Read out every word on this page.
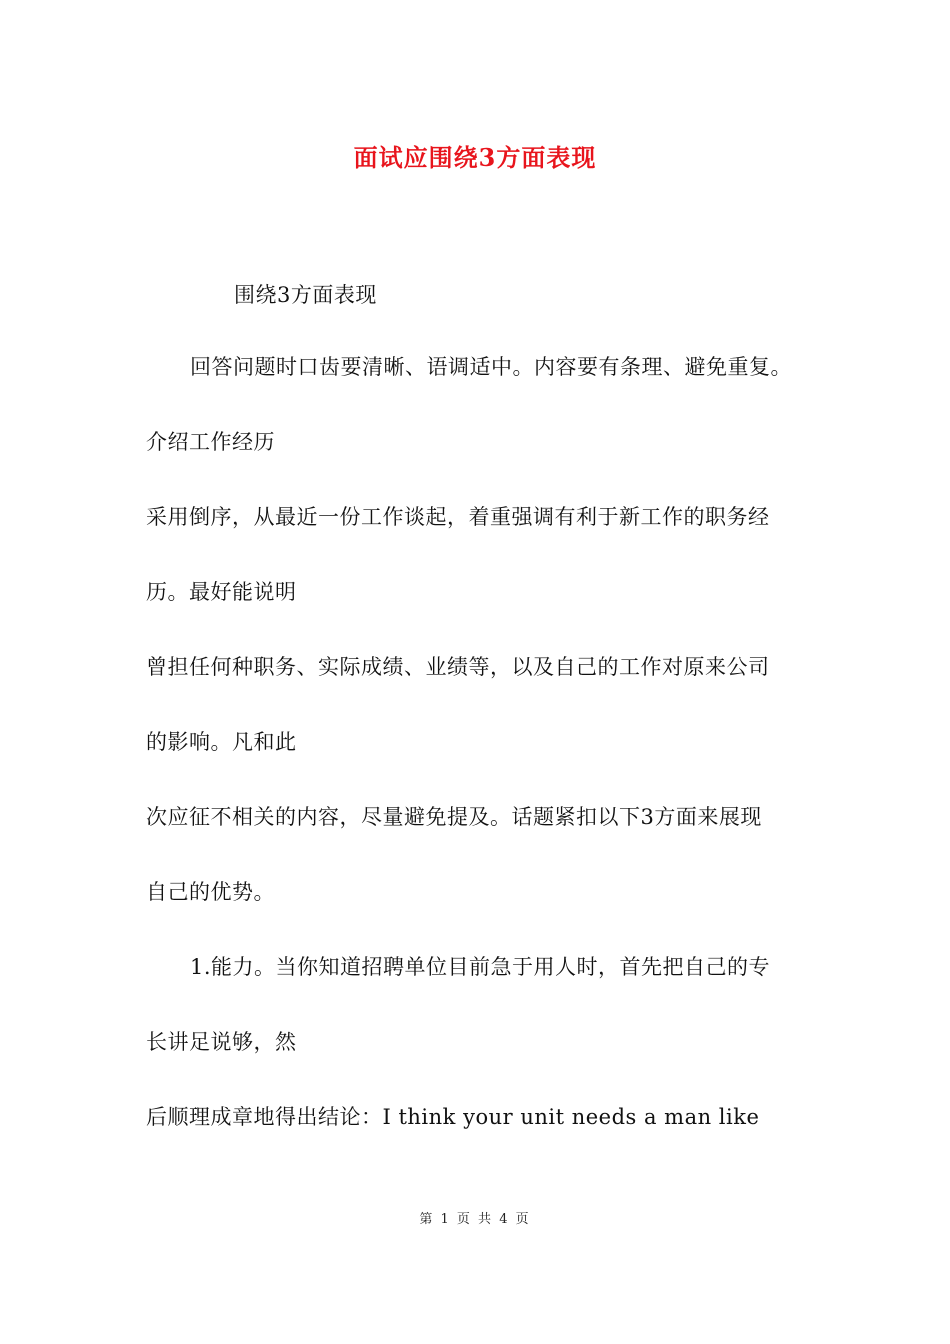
面试应围绕3方面表现
围绕3方面表现
回答问题时口齿要清晰、语调适中。内容要有条理、避免重复。
介绍工作经历
采用倒序，从最近一份工作谈起，着重强调有利于新工作的职务经
历。最好能说明
曾担任何种职务、实际成绩、业绩等，以及自己的工作对原来公司
的影响。凡和此
次应征不相关的内容，尽量避免提及。话题紧扣以下3方面来展现
自己的优势。
1.能力。当你知道招聘单位目前急于用人时，首先把自己的专
长讲足说够，然
后顺理成章地得出结论：I think your unit needs a man like
第 1 页 共 4 页
